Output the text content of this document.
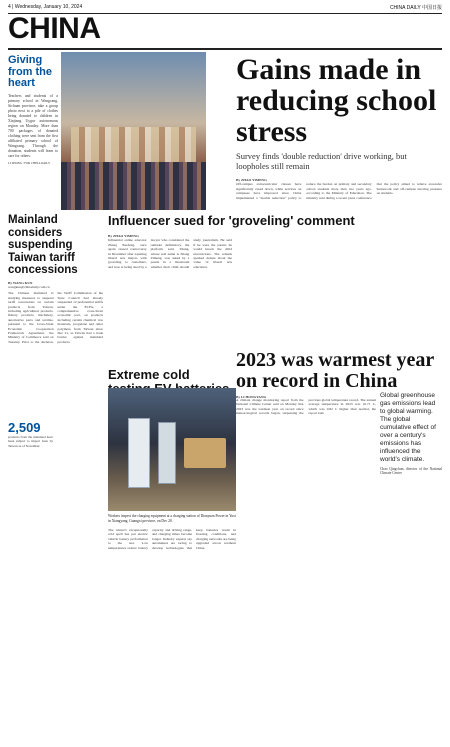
4 | Wednesday, January 10, 2024	CHINA DAILY 中国日报
CHINA
Giving from the heart
Teachers and students of a primary school in Wangcang, Sichuan province, take a group photo next to a pile of clothes being donated to children in Xinjiang Uygur autonomous region on Monday. More than 700 packages of donated clothing were sent from the first affiliated primary school of Wangcang. Through the donation, students will learn to care for others.
LI ZHONG / FOR CHINA DAILY
Mainland considers suspending Taiwan tariff concessions
By WANG KUN
wangkun@chinadaily.com.cn
The Chinese mainland is studying measures to suspend tariff concessions on certain products from Taiwan, including agricultural products, fishery products, machinery, automotive parts and textiles, pursuant to the Cross-Strait Economic Cooperation Framework Agreement, the Ministry of Commerce said on Tuesday. Prior to the decision, the Tariff Commission of the State Council had already suspended 12 preferential tariffs under the ECFA, a comprehensive cross-Strait economic pact, on products including certain chemical raw materials, propylene and other polymers, from Taiwan since Dec 21, as Taiwan had a trade barrier against mainland products.
2,509
products from the mainland have been subject to import bans by Taiwan as of November.
Gains made in reducing school stress
Survey finds 'double reduction' drive working, but loopholes still remain
By ZHAO YIMENG
Off-campus extracurricular classes have significantly eased down, while services on campuses have improved since China implemented a "double reduction" policy to reduce the burden on primary and secondary school students more than two years ago, according to the Ministry of Education. The ministry said during a recent press conference that the policy aimed to relieve excessive homework and off-campus tutoring pressure on students.
Influencer sued for 'groveling' comment
By ZHAO YIMENG
Influential online educator Zhang Xuefeng, once again caused controversy in December after equating liberal arts majors with groveling to customers, and now is being sued by a lawyer who considered the remarks defamatory, the platform said. Zhang, whose real name is Zhang Zimeng, was asked by a parent in a livestream whether their child should study journalism. He said if he were the parent, he would knock the child unconscious. The remark sparked debate about the value of liberal arts education.
Extreme cold
Workers inspect the charging equipment at a charging station of Dianyuan Power in Yuxi in Xiangyang, Guangxi province, on Dec 20.
The winter's exceptionally cold spell has put electric vehicle battery performance to the test. Low temperatures reduce battery capacity and driving range, and charging times become longer. Industry experts say automakers are racing to develop technologies that keep batteries warm in freezing conditions, and charging networks are being upgraded across northern China.
2023 was warmest year on record in China
By LI HONGYANG
A climate change monitoring report from the National Climate Center said on Monday that 2023 was the warmest year on record since meteorological records began, surpassing the previous global temperature record. The annual average temperature in 2023 was 10.71 C, which was 0.82 C higher than normal, the report said.
Global greenhouse gas emissions lead to global warming. The global cumulative effect of over a century's emissions has influenced the world's climate.
Chao Qingchun, director of the National Climate Center
